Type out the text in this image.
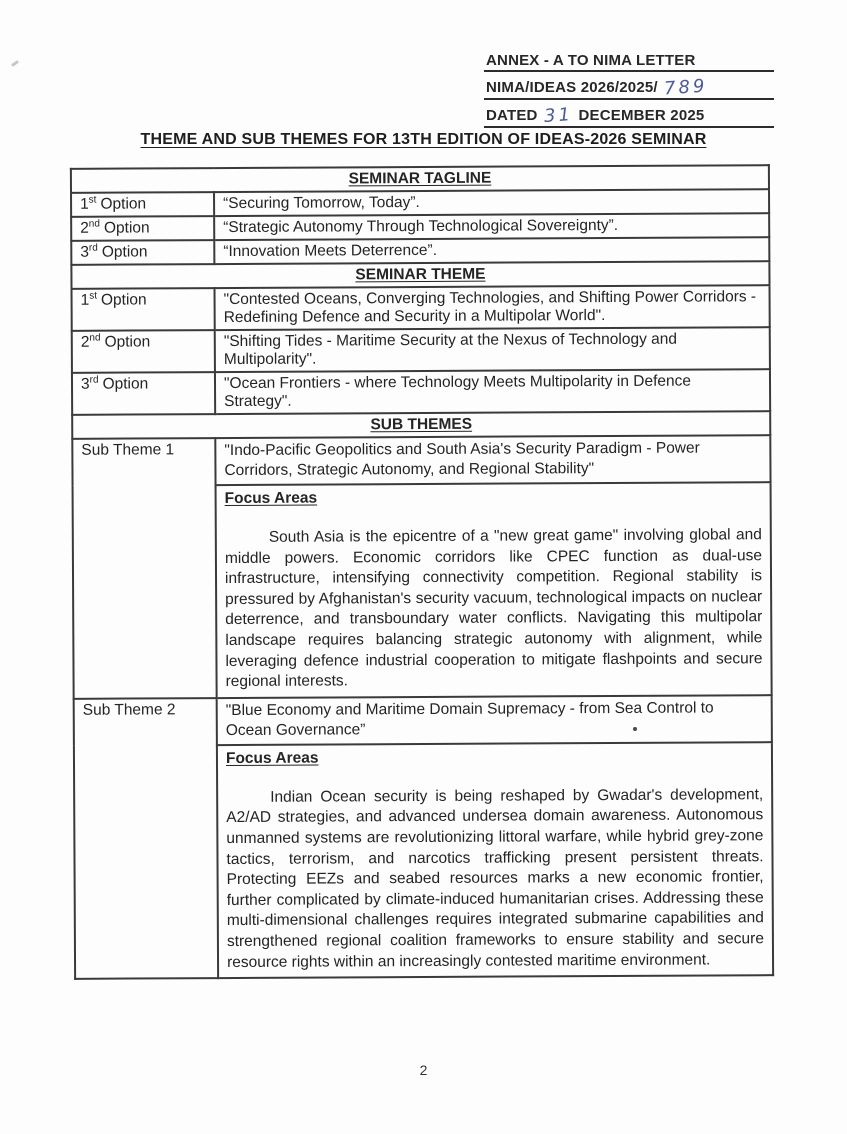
ANNEX - A TO NIMA LETTER
NIMA/IDEAS 2026/2025/ 789
DATED 31 DECEMBER 2025
THEME AND SUB THEMES FOR 13TH EDITION OF IDEAS-2026 SEMINAR
SEMINAR TAGLINE	
1st Option	“Securing Tomorrow, Today”.
2nd Option	“Strategic Autonomy Through Technological Sovereignty”.
3rd Option	“Innovation Meets Deterrence”.
SEMINAR THEME	
1st Option	"Contested Oceans, Converging Technologies, and Shifting Power Corridors - Redefining Defence and Security in a Multipolar World".
2nd Option	"Shifting Tides - Maritime Security at the Nexus of Technology and Multipolarity".
3rd Option	"Ocean Frontiers - where Technology Meets Multipolarity in Defence Strategy".
SUB THEMES	
Sub Theme 1	"Indo-Pacific Geopolitics and South Asia's Security Paradigm - Power Corridors, Strategic Autonomy, and Regional Stability"

	Focus Areas

South Asia is the epicentre of a "new great game" involving global and middle powers. Economic corridors like CPEC function as dual-use infrastructure, intensifying connectivity competition. Regional stability is pressured by Afghanistan's security vacuum, technological impacts on nuclear deterrence, and transboundary water conflicts. Navigating this multipolar landscape requires balancing strategic autonomy with alignment, while leveraging defence industrial cooperation to mitigate flashpoints and secure regional interests.

Sub Theme 2	"Blue Economy and Maritime Domain Supremacy - from Sea Control to Ocean Governance”

	Focus Areas

Indian Ocean security is being reshaped by Gwadar's development, A2/AD strategies, and advanced undersea domain awareness. Autonomous unmanned systems are revolutionizing littoral warfare, while hybrid grey-zone tactics, terrorism, and narcotics trafficking present persistent threats. Protecting EEZs and seabed resources marks a new economic frontier, further complicated by climate-induced humanitarian crises. Addressing these multi-dimensional challenges requires integrated submarine capabilities and strengthened regional coalition frameworks to ensure stability and secure resource rights within an increasingly contested maritime environment.

2
